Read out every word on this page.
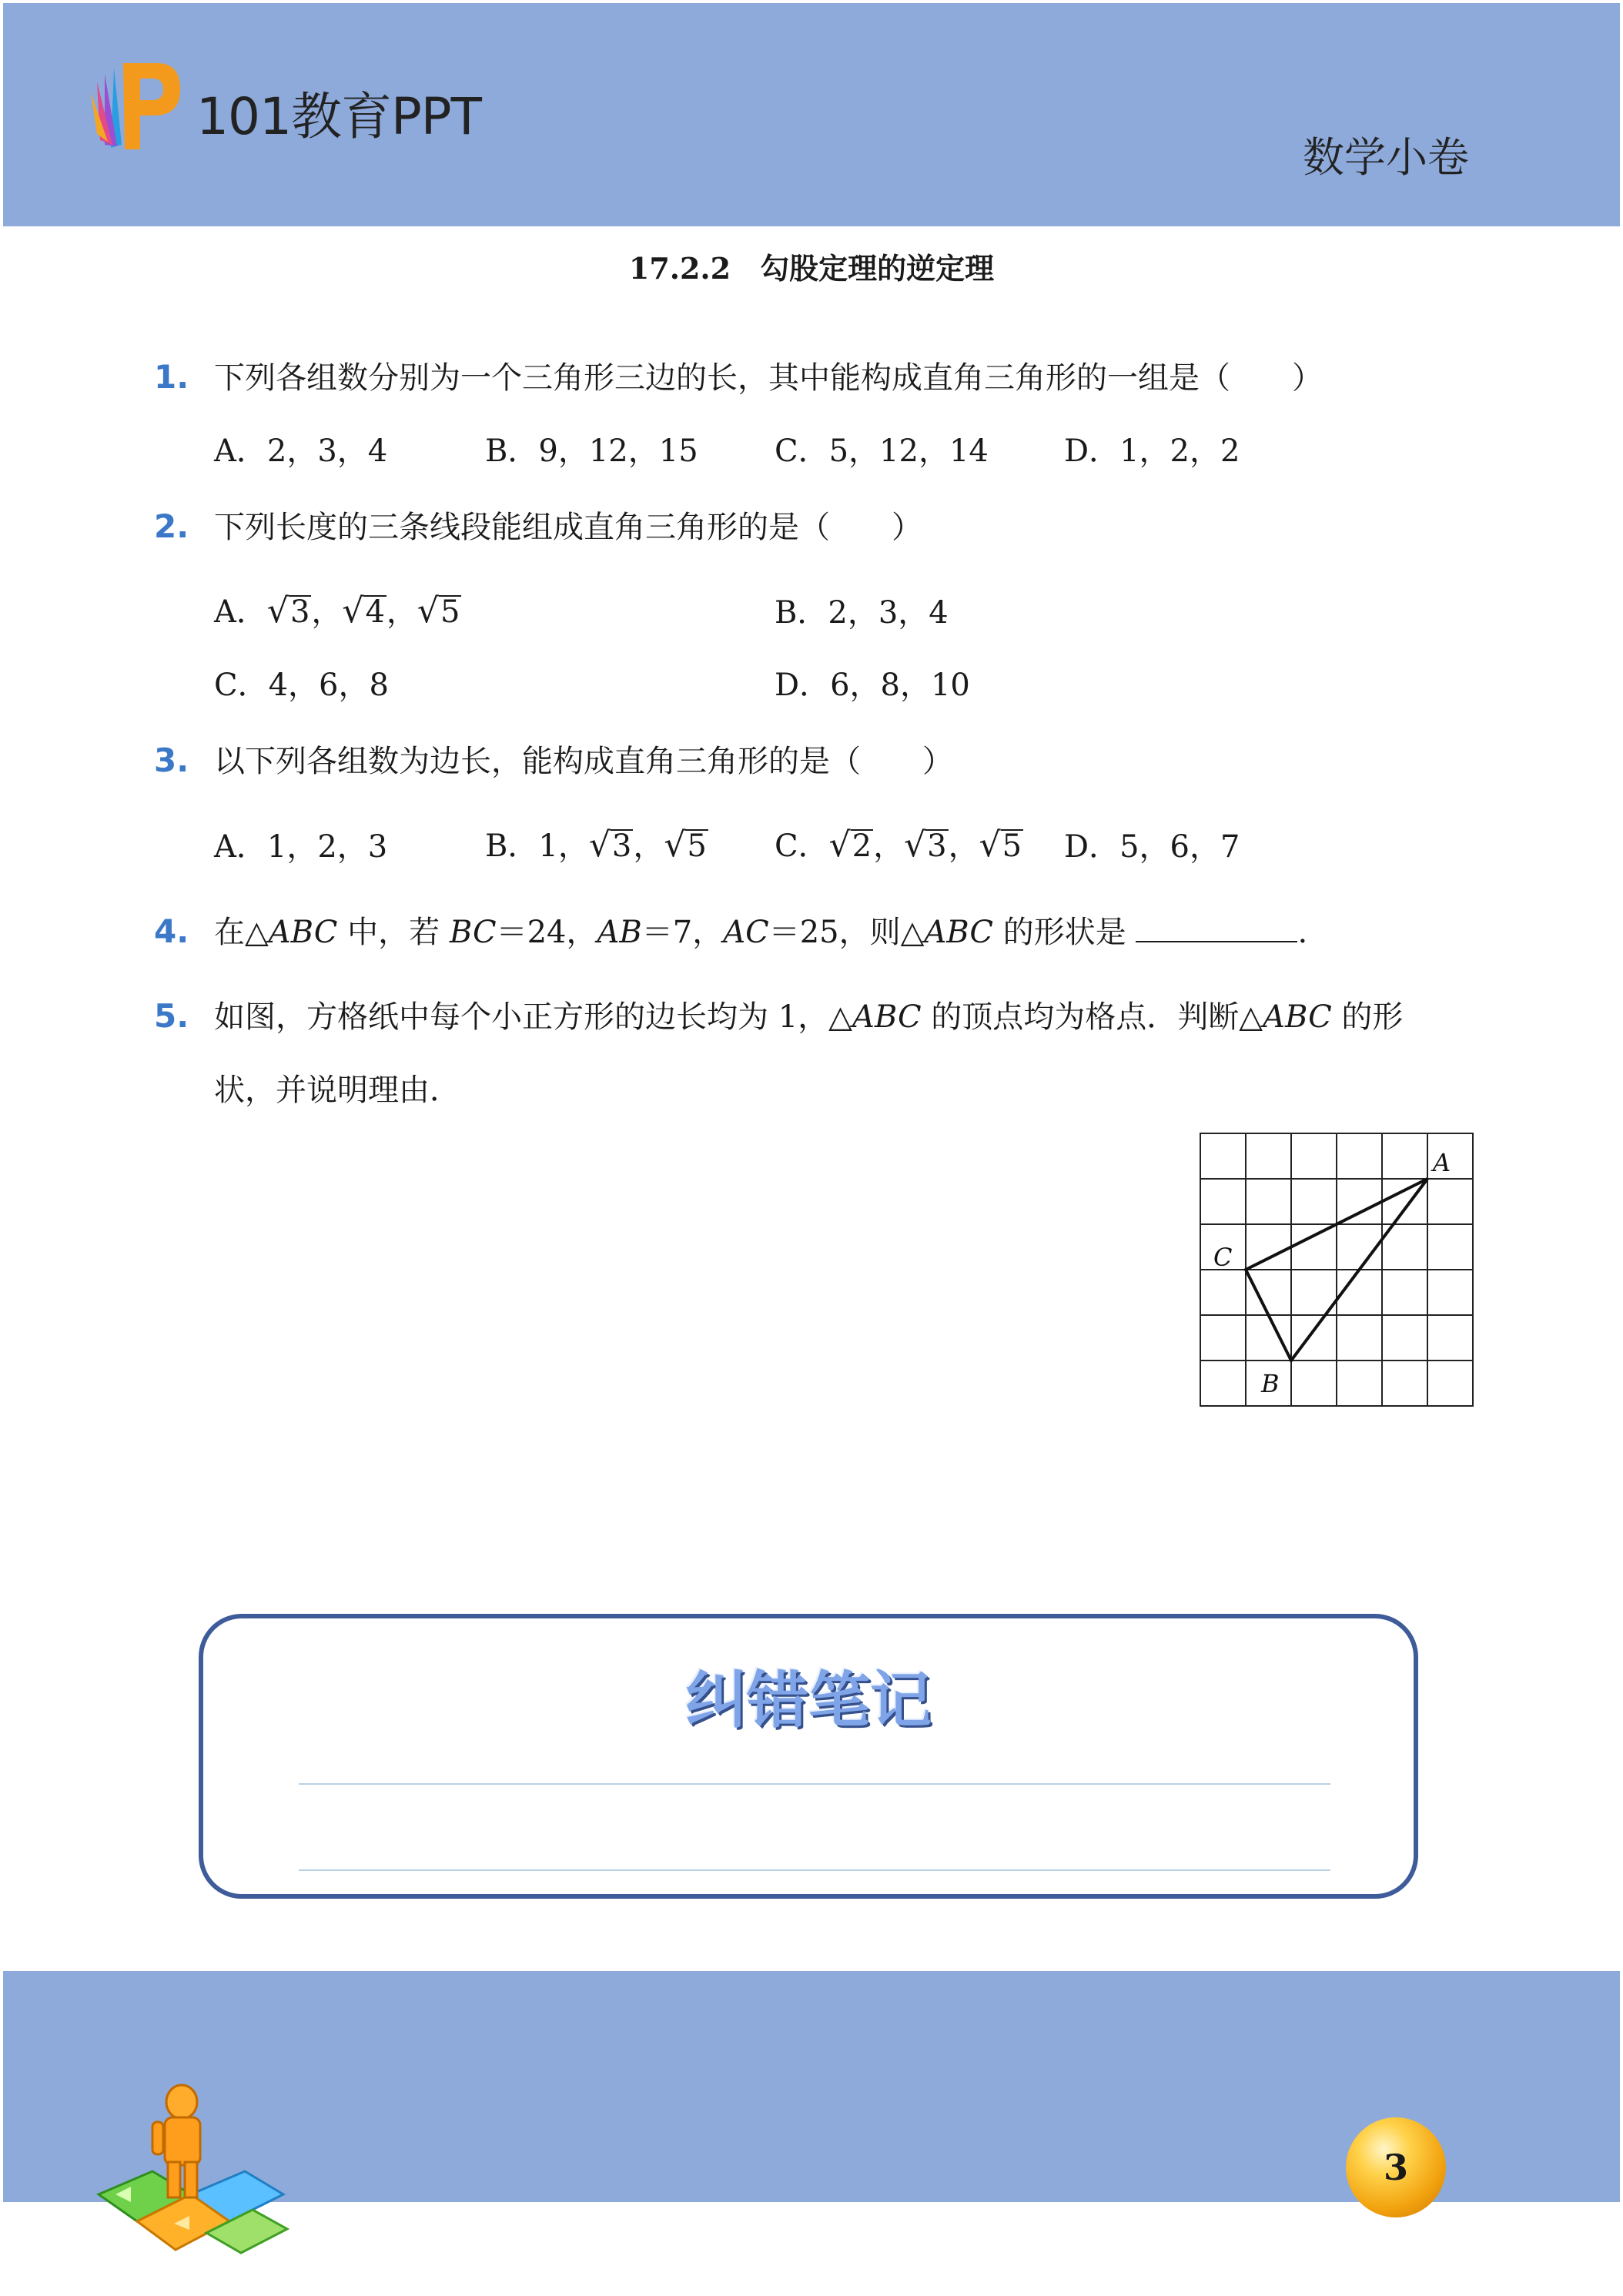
101教育PPT
数学小卷
17.2.2　勾股定理的逆定理
1. 下列各组数分别为一个三角形三边的长，其中能构成直角三角形的一组是（　　）
A．2，3，4	B．9，12，15 C．5，12，14 D．1，2，2
2. 下列长度的三条线段能组成直角三角形的是（　　）
A．√3，√4，√5	B．2，3，4
C．4，6，8	D．6，8，10
3. 以下列各组数为边长，能构成直角三角形的是（　　）
A．1，2，3	B．1，√3，√5 C．√2，√3，√5 D．5，6，7
4. 在△ABC 中，若 BC＝24，AB＝7，AC＝25，则△ABC 的形状是	.
5. 如图，方格纸中每个小正方形的边长均为 1，△ABC 的顶点均为格点．判断△ABC 的形
状，并说明理由．
A
C
B
纠错笔记
3
